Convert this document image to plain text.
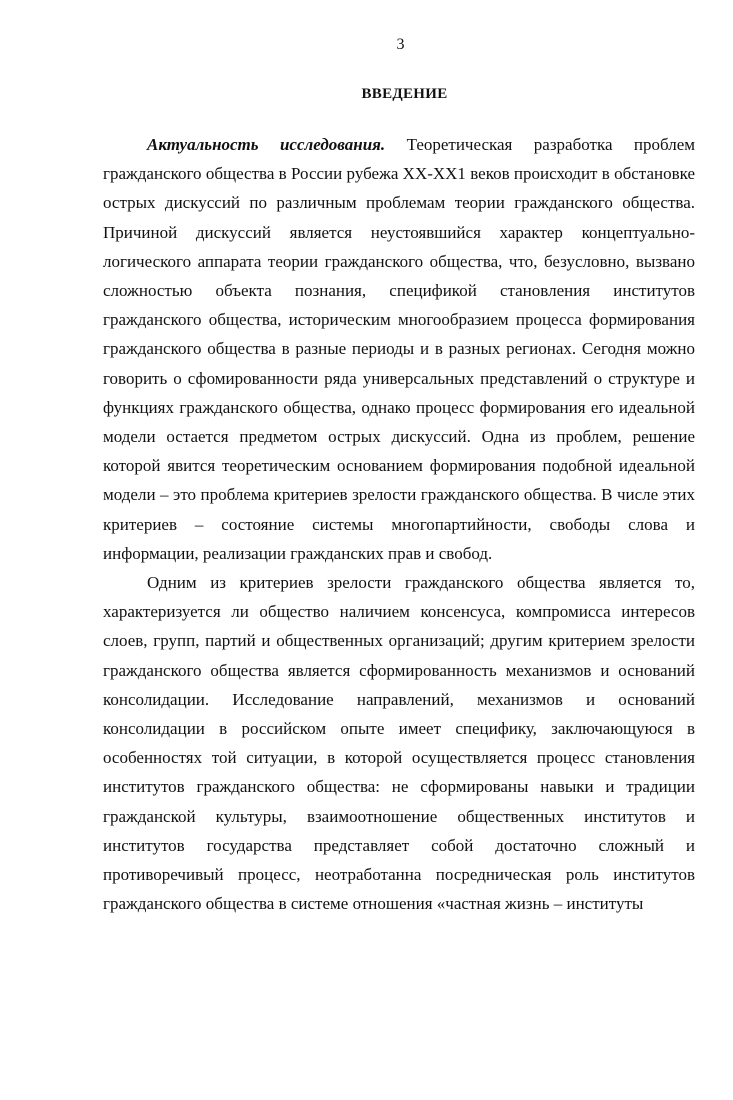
3
ВВЕДЕНИЕ

Актуальность исследования. Теоретическая разработка проблем гражданского общества в России рубежа XX-XX1 веков происходит в обстановке острых дискуссий по различным проблемам теории гражданского общества. Причиной дискуссий является неустоявшийся характер концептуально-логического аппарата теории гражданского общества, что, безусловно, вызвано сложностью объекта познания, спецификой становления институтов гражданского общества, историческим многообразием процесса формирования гражданского общества в разные периоды и в разных регионах. Сегодня можно говорить о сфомированности ряда универсальных представлений о структуре и функциях гражданского общества, однако процесс формирования его идеальной модели остается предметом острых дискуссий. Одна из проблем, решение которой явится теоретическим основанием формирования подобной идеальной модели – это проблема критериев зрелости гражданского общества. В числе этих критериев – состояние системы многопартийности, свободы слова и информации, реализации гражданских прав и свобод.

Одним из критериев зрелости гражданского общества является то, характеризуется ли общество наличием консенсуса, компромисса интересов слоев, групп, партий и общественных организаций; другим критерием зрелости гражданского общества является сформированность механизмов и оснований консолидации. Исследование направлений, механизмов и оснований консолидации в российском опыте имеет специфику, заключающуюся в особенностях той ситуации, в которой осуществляется процесс становления институтов гражданского общества: не сформированы навыки и традиции гражданской культуры, взаимоотношение общественных институтов и институтов государства представляет собой достаточно сложный и противоречивый процесс, неотработанна посредническая роль институтов гражданского общества в системе отношения «частная жизнь – институты
